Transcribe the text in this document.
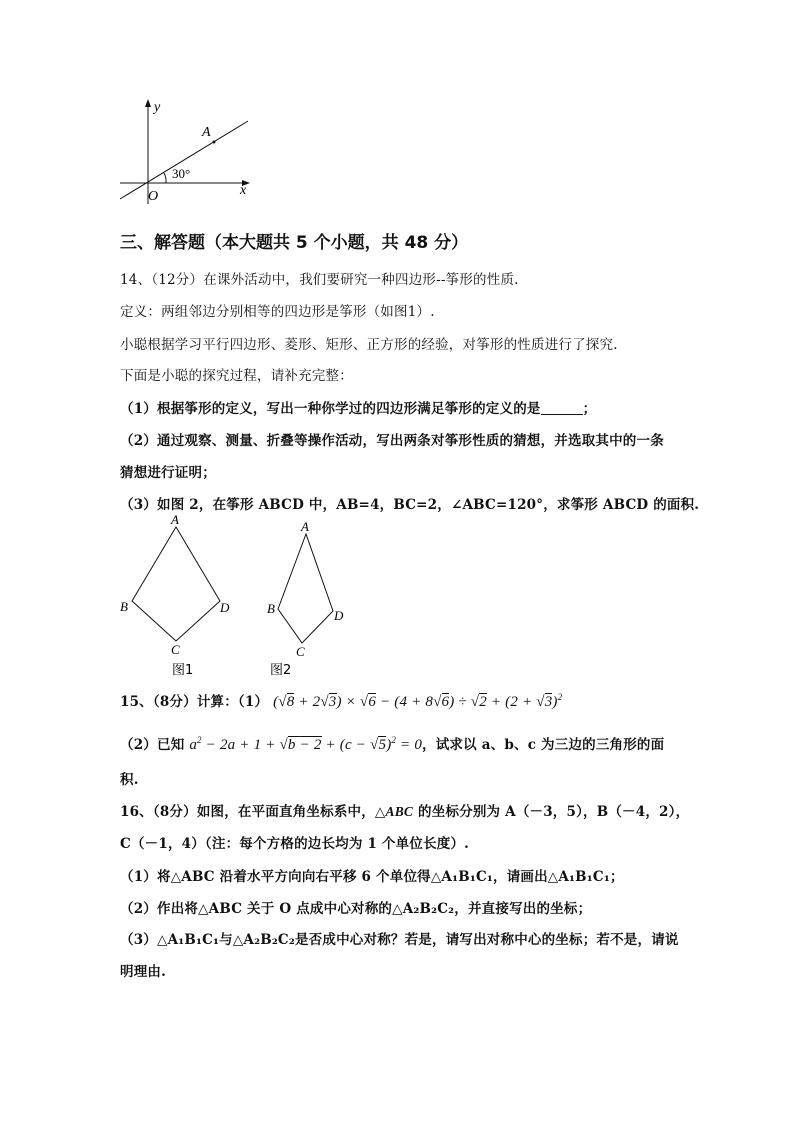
y
A
30°
O	x
三、解答题（本大题共 5 个小题，共 48 分）
14、（12分）在课外活动中，我们要研究一种四边形--筝形的性质.
定义：两组邻边分别相等的四边形是筝形（如图1）.
小聪根据学习平行四边形、菱形、矩形、正方形的经验，对筝形的性质进行了探究.
下面是小聪的探究过程，请补充完整：
（1）根据筝形的定义，写出一种你学过的四边形满足筝形的定义的是	；
（2）通过观察、测量、折叠等操作活动，写出两条对筝形性质的猜想，并选取其中的一条
猜想进行证明；
（3）如图 2，在筝形 ABCD 中，AB=4，BC=2，∠ABC=120°，求筝形 ABCD 的面积.
A
B	D
C
图1
A
B	D
C
图2
15、（8分）计算：（1） $(√8 + 2√3) \times √6 - (4 + 8√6) \div √2 + (2 + √3)^2$
（2）已知 $a^2 - 2a + 1 + √b - 2 + (c - √5)^2 = 0$，试求以 a、b、c 为三边的三角形的面
积.
16、（8分）如图，在平面直角坐标系中，△ABC 的坐标分别为 A（－3，5），B（－4，2），
C（－1，4）（注：每个方格的边长均为 1 个单位长度）.
（1）将△ABC 沿着水平方向向右平移 6 个单位得△A₁B₁C₁，请画出△A₁B₁C₁；
（2）作出将△ABC 关于 O 点成中心对称的△A₂B₂C₂，并直接写出的坐标；
（3）△A₁B₁C₁与△A₂B₂C₂是否成中心对称？若是，请写出对称中心的坐标；若不是，请说
明理由.
